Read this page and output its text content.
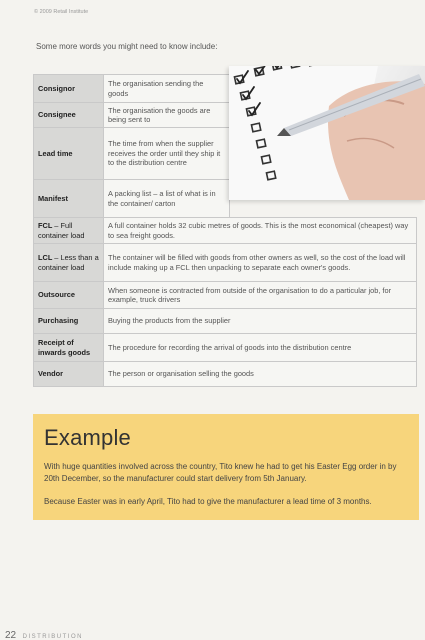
© 2009 Retail Institute
Some more words you might need to know include:
Consignor	The organisation sending the goods	
Consignee	The organisation the goods are being sent to	
Lead time	The time from when the supplier receives the order until they ship it to the distribution centre	
Manifest	A packing list – a list of what is in the container/ carton	
FCL – Full container load	A full container holds 32 cubic metres of goods. This is the most economical (cheapest) way to sea freight goods.	
LCL – Less than a container load	The container will be filled with goods from other owners as well, so the cost of the load will include making up a FCL then unpacking to separate each owner's goods.	
Outsource	When someone is contracted from outside of the organisation to do a particular job, for example, truck drivers	
Purchasing	Buying the products from the supplier	
Receipt of inwards goods	The procedure for recording the arrival of goods into the distribution centre	
Vendor	The person or organisation selling the goods	
Example

With huge quantities involved across the country, Tito knew he had to get his Easter Egg order in by 20th December, so the manufacturer could start delivery from 5th January.

Because Easter was in early April, Tito had to give the manufacturer a lead time of 3 months.

22 DISTRIBUTION
